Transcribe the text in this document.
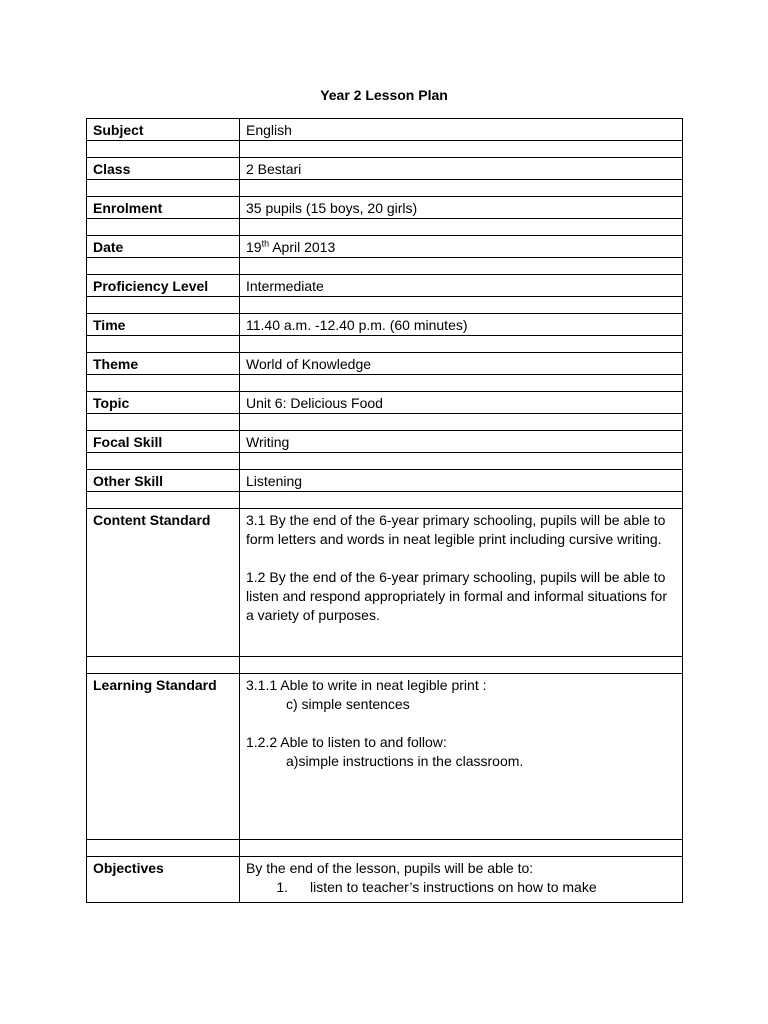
Year 2 Lesson Plan
Subject	English

Class	2 Bestari

Enrolment	35 pupils (15 boys, 20 girls)

Date	19th April 2013

Proficiency Level	Intermediate

Time	11.40 a.m. -12.40 p.m. (60 minutes)

Theme	World of Knowledge

Topic	Unit 6: Delicious Food

Focal Skill	Writing

Other Skill	Listening

Content Standard	3.1 By the end of the 6-year primary schooling, pupils will be able to form letters and words in neat legible print including cursive writing.

1.2 By the end of the 6-year primary schooling, pupils will be able to listen and respond appropriately in formal and informal situations for a variety of purposes.

Learning Standard	3.1.1 Able to write in neat legible print :
c) simple sentences
1.2.2 Able to listen to and follow:
a)simple instructions in the classroom.

Objectives	By the end of the lesson, pupils will be able to:
1. listen to teacher’s instructions on how to make
